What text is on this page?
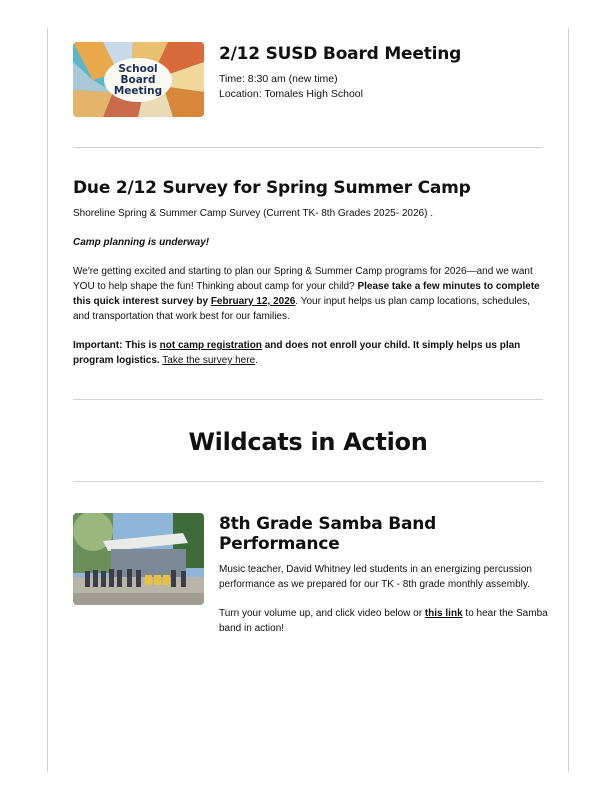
School
Board
Meeting
2/12 SUSD Board Meeting

Time: 8:30 am (new time)

Location: Tomales High School

Due 2/12 Survey for Spring Summer Camp

Shoreline Spring & Summer Camp Survey (Current TK- 8th Grades 2025- 2026) .

Camp planning is underway!

We're getting excited and starting to plan our Spring & Summer Camp programs for 2026—and we want YOU to help shape the fun! Thinking about camp for your child? Please take a few minutes to complete this quick interest survey by February 12, 2026. Your input helps us plan camp locations, schedules, and transportation that work best for our families.

Important: This is not camp registration and does not enroll your child. It simply helps us plan program logistics. Take the survey here.

Wildcats in Action
8th Grade Samba Band Performance

Music teacher, David Whitney led students in an energizing percussion performance as we prepared for our TK - 8th grade monthly assembly.

Turn your volume up, and click video below or this link to hear the Samba band in action!
